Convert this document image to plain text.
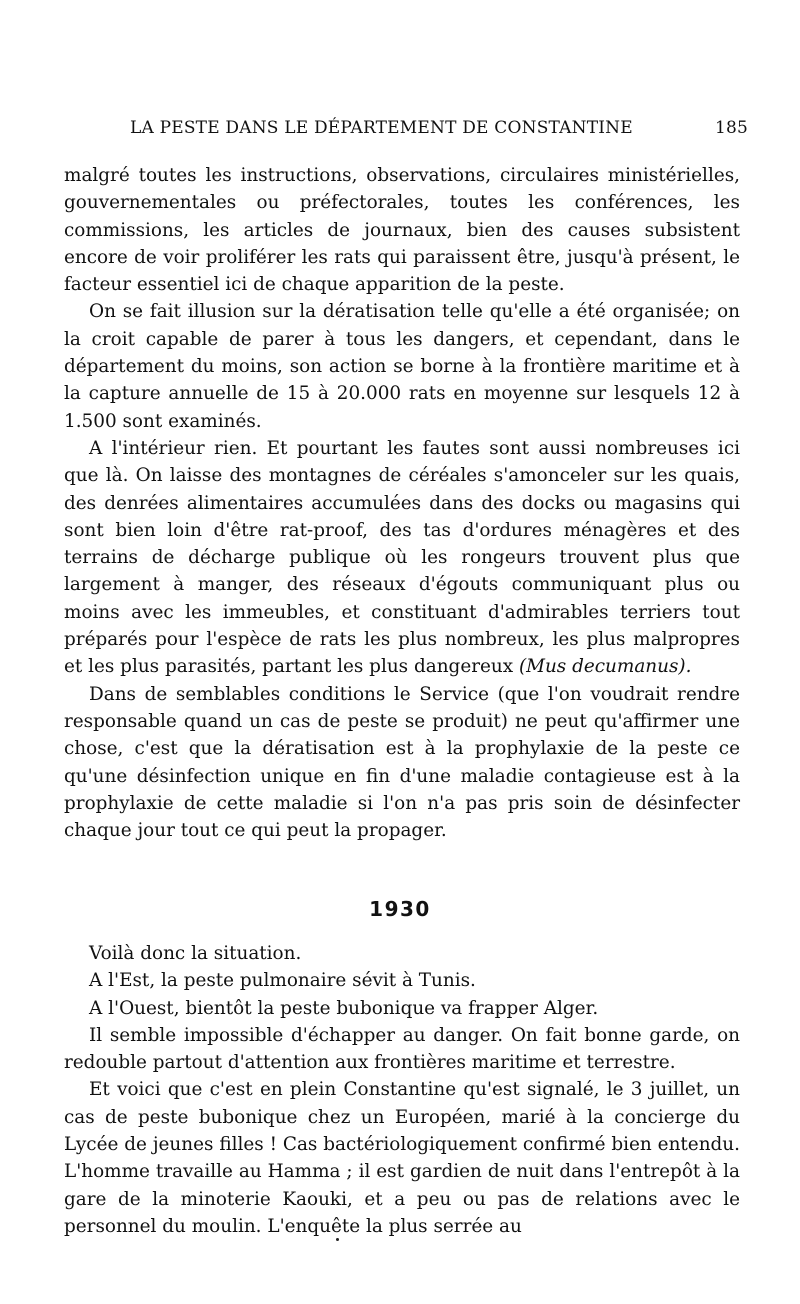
LA PESTE DANS LE DÉPARTEMENT DE CONSTANTINE	185

malgré toutes les instructions, observations, circulaires ministérielles, gouvernementales ou préfectorales, toutes les conférences, les commissions, les articles de journaux, bien des causes subsistent encore de voir proliférer les rats qui paraissent être, jusqu'à présent, le facteur essentiel ici de chaque apparition de la peste.

On se fait illusion sur la dératisation telle qu'elle a été organisée; on la croit capable de parer à tous les dangers, et cependant, dans le département du moins, son action se borne à la frontière maritime et à la capture annuelle de 15 à 20.000 rats en moyenne sur lesquels 12 à 1.500 sont examinés.

A l'intérieur rien. Et pourtant les fautes sont aussi nombreuses ici que là. On laisse des montagnes de céréales s'amonceler sur les quais, des denrées alimentaires accumulées dans des docks ou magasins qui sont bien loin d'être rat-proof, des tas d'ordures ménagères et des terrains de décharge publique où les rongeurs trouvent plus que largement à manger, des réseaux d'égouts communiquant plus ou moins avec les immeubles, et constituant d'admirables terriers tout préparés pour l'espèce de rats les plus nombreux, les plus malpropres et les plus parasités, partant les plus dangereux (Mus decumanus).

Dans de semblables conditions le Service (que l'on voudrait rendre responsable quand un cas de peste se produit) ne peut qu'affirmer une chose, c'est que la dératisation est à la prophylaxie de la peste ce qu'une désinfection unique en fin d'une maladie contagieuse est à la prophylaxie de cette maladie si l'on n'a pas pris soin de désinfecter chaque jour tout ce qui peut la propager.

1930

Voilà donc la situation.

A l'Est, la peste pulmonaire sévit à Tunis.

A l'Ouest, bientôt la peste bubonique va frapper Alger.

Il semble impossible d'échapper au danger. On fait bonne garde, on redouble partout d'attention aux frontières maritime et terrestre.

Et voici que c'est en plein Constantine qu'est signalé, le 3 juillet, un cas de peste bubonique chez un Européen, marié à la concierge du Lycée de jeunes filles ! Cas bactériologiquement confirmé bien entendu. L'homme travaille au Hamma ; il est gardien de nuit dans l'entrepôt à la gare de la minoterie Kaouki, et a peu ou pas de relations avec le personnel du moulin. L'enquête la plus serrée au
